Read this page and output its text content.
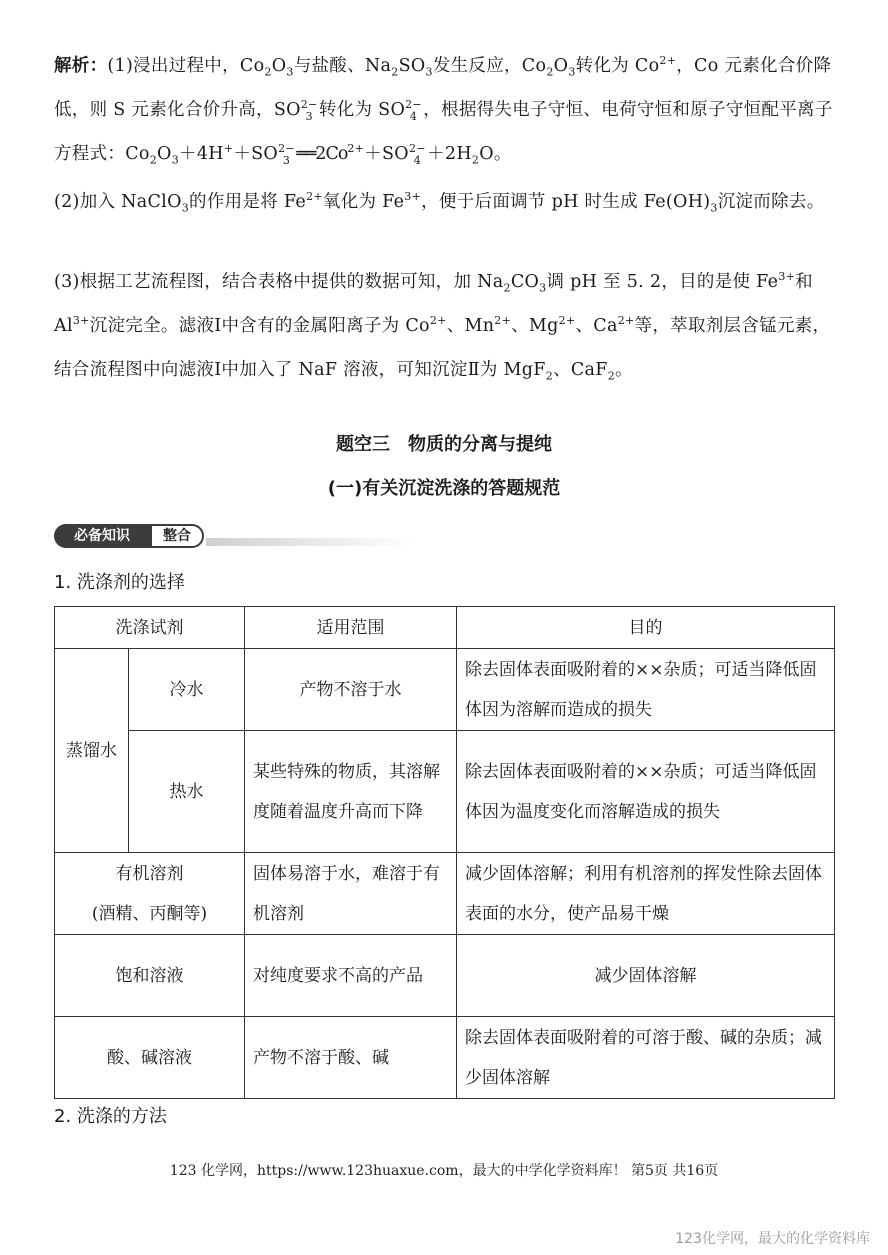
解析：(1)浸出过程中，$Co_2O_3$与盐酸、$Na_2SO_3$发生反应，$Co_2O_3$转化为 $Co^{2+}$，Co 元素化合价降低，则 S 元素化合价升高，$SO^{2-}_3$ 转化为 $SO^{2-}_4$ ，根据得失电子守恒、电荷守恒和原子守恒配平离子方程式：$Co_2O_3+4H^++SO^{2-}_3$ $══2Co^{2+}+SO^{2-}_4 +2H_2O$。
(2)加入 NaClO$_3$的作用是将 $Fe^{2+}$氧化为 $Fe^{3+}$，便于后面调节 pH 时生成 $Fe(OH)_3$沉淀而除去。
(3)根据工艺流程图，结合表格中提供的数据可知，加 $Na_2CO_3$调 pH 至 5. 2，目的是使 $Fe^{3+}$和 $Al^{3+}$沉淀完全。滤液Ⅰ中含有的金属阳离子为 $Co^{2+}$、$Mn^{2+}$、$Mg^{2+}$、$Ca^{2+}$等，萃取剂层含锰元素，结合流程图中向滤液Ⅰ中加入了 NaF 溶液，可知沉淀Ⅱ为 MgF$_2$、CaF$_2$。
题空三　物质的分离与提纯
(一)有关沉淀洗涤的答题规范
必备知识	整合
1. 洗涤剂的选择
洗涤试剂		适用范围	目的
蒸馏水	冷水	产物不溶于水	除去固体表面吸附着的××杂质；可适当降低固体因为溶解而造成的损失
	热水	某些特殊的物质，其溶解度随着温度升高而下降	除去固体表面吸附着的××杂质；可适当降低固体因为温度变化而溶解造成的损失
有机溶剂
(酒精、丙酮等)		固体易溶于水，难溶于有机溶剂	减少固体溶解；利用有机溶剂的挥发性除去固体表面的水分，使产品易干燥
饱和溶液		对纯度要求不高的产品	减少固体溶解
酸、碱溶液		产物不溶于酸、碱	除去固体表面吸附着的可溶于酸、碱的杂质；减少固体溶解
2. 洗涤的方法
123 化学网，https://www.123huaxue.com，最大的中学化学资料库！ 第5页 共16页
123化学网，最大的化学资料库
